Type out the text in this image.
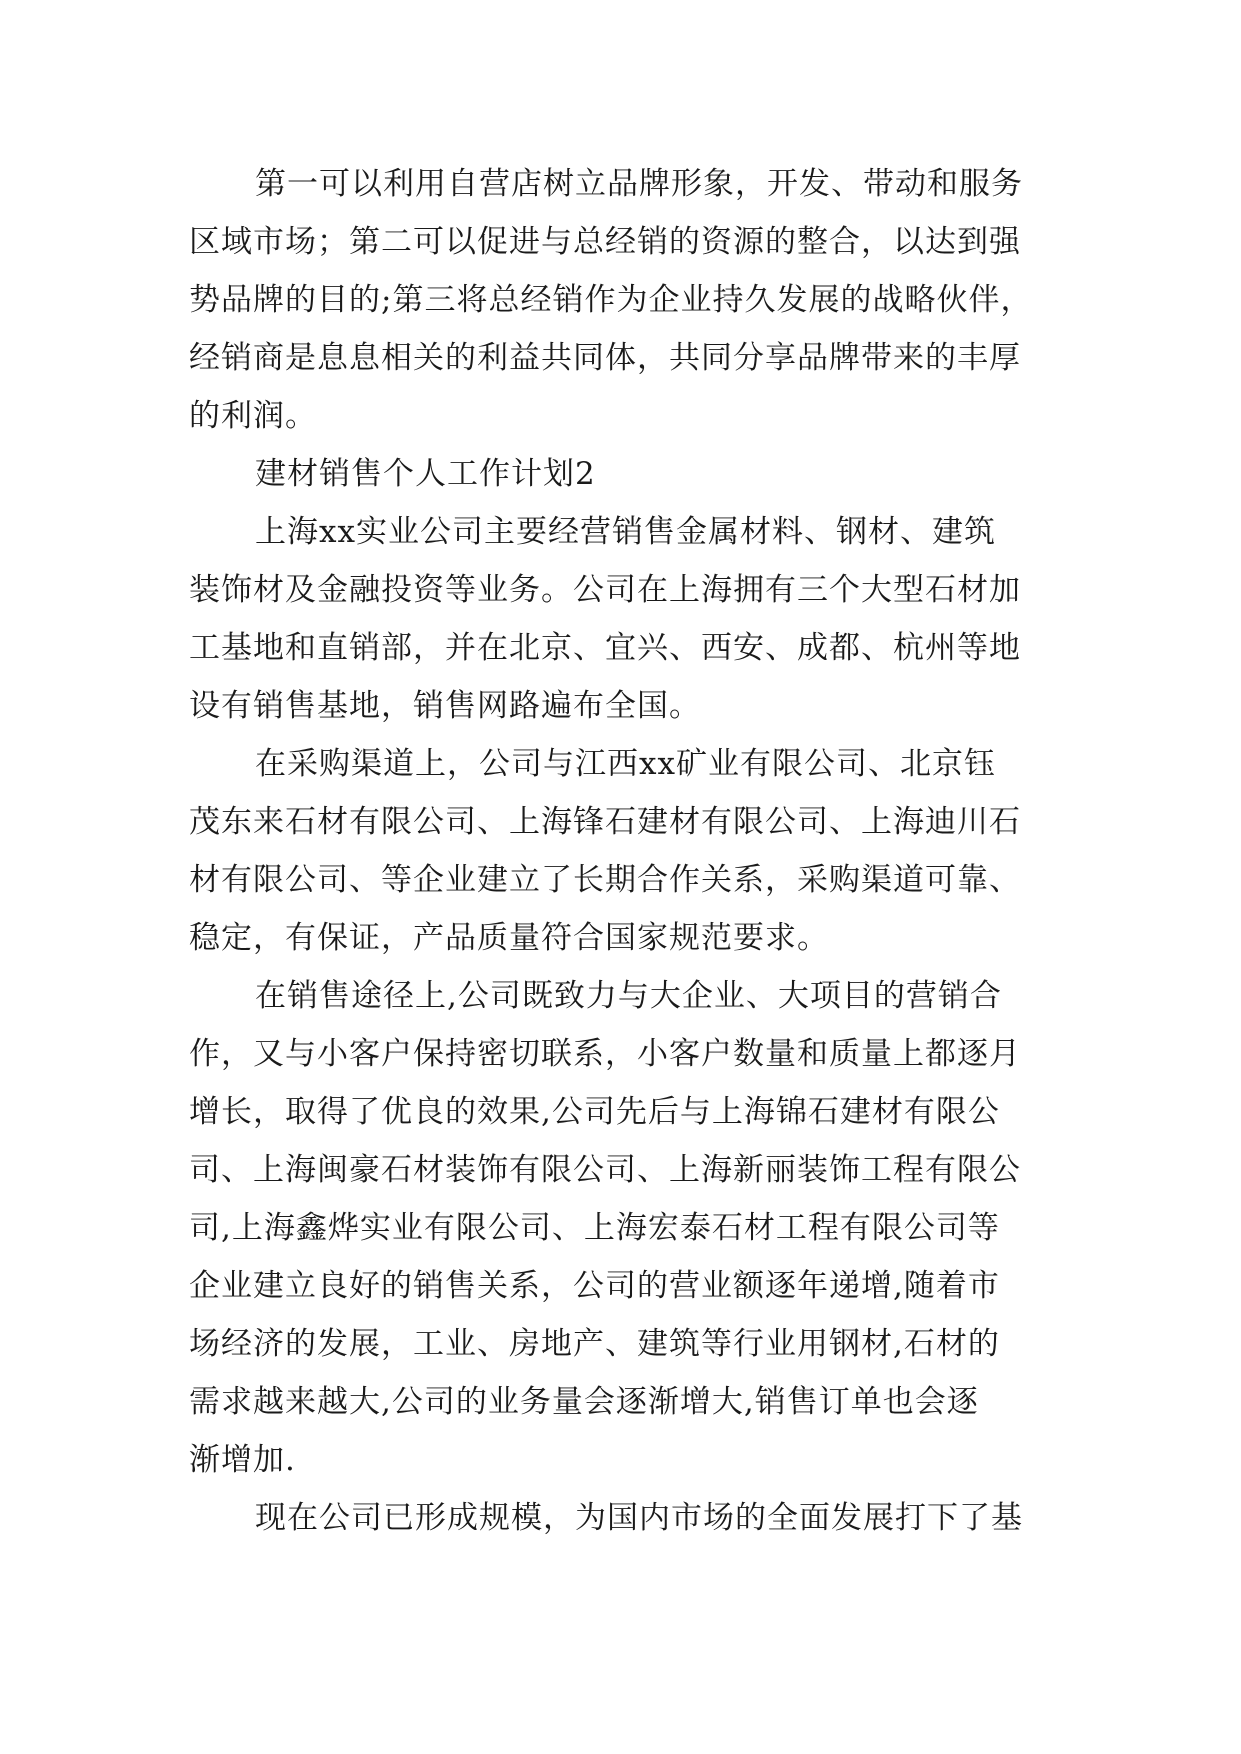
第一可以利用自营店树立品牌形象，开发、带动和服务
区域市场；第二可以促进与总经销的资源的整合，以达到强
势品牌的目的;第三将总经销作为企业持久发展的战略伙伴，
经销商是息息相关的利益共同体，共同分享品牌带来的丰厚
的利润。
建材销售个人工作计划2
上海xx实业公司主要经营销售金属材料、钢材、建筑
装饰材及金融投资等业务。公司在上海拥有三个大型石材加
工基地和直销部，并在北京、宜兴、西安、成都、杭州等地
设有销售基地，销售网路遍布全国。
在采购渠道上，公司与江西xx矿业有限公司、北京钰
茂东来石材有限公司、上海锋石建材有限公司、上海迪川石
材有限公司、等企业建立了长期合作关系，采购渠道可靠、
稳定，有保证，产品质量符合国家规范要求。
在销售途径上,公司既致力与大企业、大项目的营销合
作，又与小客户保持密切联系，小客户数量和质量上都逐月
增长，取得了优良的效果,公司先后与上海锦石建材有限公
司、上海闽豪石材装饰有限公司、上海新丽装饰工程有限公
司,上海鑫烨实业有限公司、上海宏泰石材工程有限公司等
企业建立良好的销售关系，公司的营业额逐年递增,随着市
场经济的发展，工业、房地产、建筑等行业用钢材,石材的
需求越来越大,公司的业务量会逐渐增大,销售订单也会逐
渐增加.
现在公司已形成规模，为国内市场的全面发展打下了基
